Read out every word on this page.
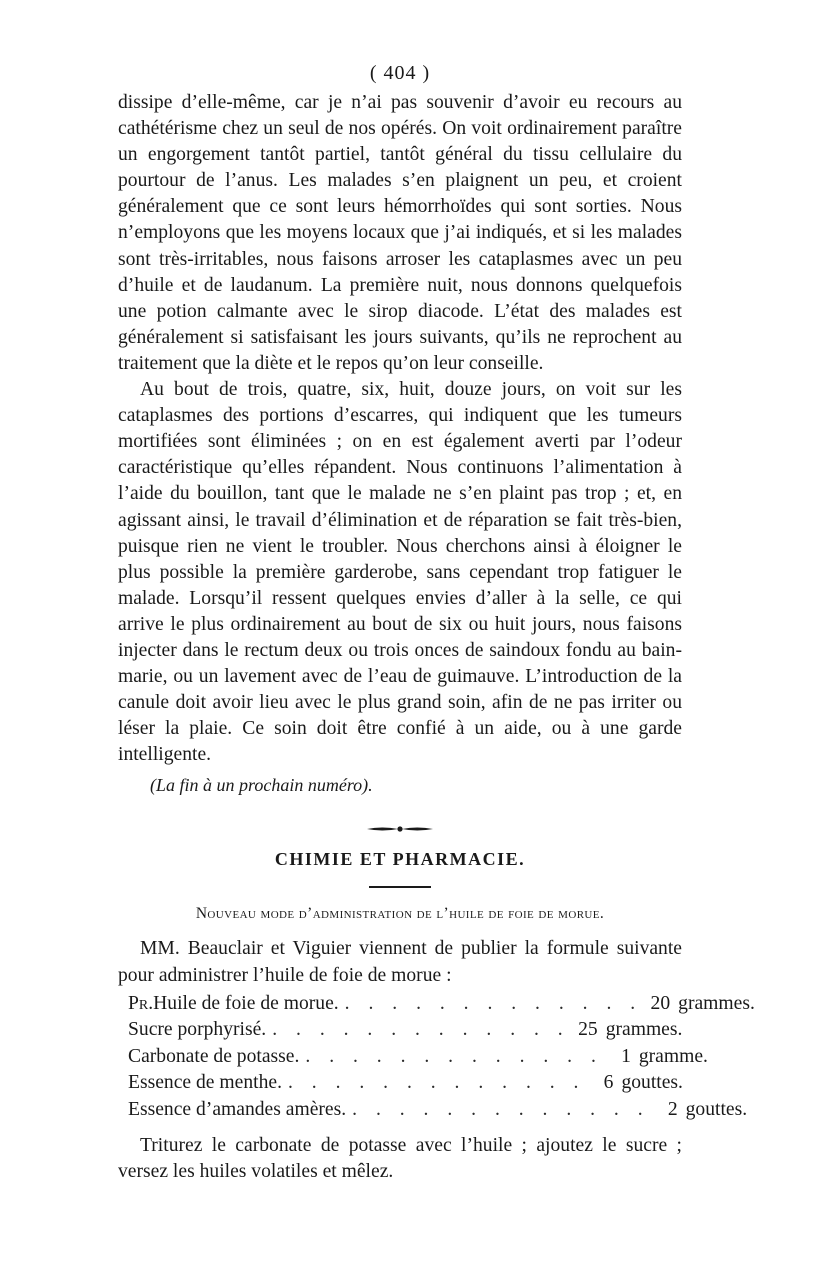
( 404 )

dissipe d’elle-même, car je n’ai pas souvenir d’avoir eu recours au cathétérisme chez un seul de nos opérés. On voit ordinairement paraître un engorgement tantôt partiel, tantôt général du tissu cellulaire du pourtour de l’anus. Les malades s’en plaignent un peu, et croient généralement que ce sont leurs hémorrhoïdes qui sont sorties. Nous n’employons que les moyens locaux que j’ai indiqués, et si les malades sont très-irritables, nous faisons arroser les cataplasmes avec un peu d’huile et de laudanum. La première nuit, nous donnons quelquefois une potion calmante avec le sirop diacode. L’état des malades est généralement si satisfaisant les jours suivants, qu’ils ne reprochent au traitement que la diète et le repos qu’on leur conseille.

Au bout de trois, quatre, six, huit, douze jours, on voit sur les cataplasmes des portions d’escarres, qui indiquent que les tumeurs mortifiées sont éliminées ; on en est également averti par l’odeur caractéristique qu’elles répandent. Nous continuons l’alimentation à l’aide du bouillon, tant que le malade ne s’en plaint pas trop ; et, en agissant ainsi, le travail d’élimination et de réparation se fait très-bien, puisque rien ne vient le troubler. Nous cherchons ainsi à éloigner le plus possible la première garderobe, sans cependant trop fatiguer le malade. Lorsqu’il ressent quelques envies d’aller à la selle, ce qui arrive le plus ordinairement au bout de six ou huit jours, nous faisons injecter dans le rectum deux ou trois onces de saindoux fondu au bain-marie, ou un lavement avec de l’eau de guimauve. L’introduction de la canule doit avoir lieu avec le plus grand soin, afin de ne pas irriter ou léser la plaie. Ce soin doit être confié à un aide, ou à une garde intelligente.

(La fin à un prochain numéro).
CHIMIE ET PHARMACIE.
Nouveau mode d’administration de l’huile de foie de morue.

MM. Beauclair et Viguier viennent de publier la formule suivante pour administrer l’huile de foie de morue :

Pr. Huile de foie de morue. . . . . . . . . . . . . . 20 grammes.
Sucre porphyrisé. . . . . . . . . . . . . . 25 grammes.
Carbonate de potasse. . . . . . . . . . . . . . 1 gramme.
Essence de menthe. . . . . . . . . . . . . . 6 gouttes.
Essence d’amandes amères. . . . . . . . . . . . . . 2 gouttes.

Triturez le carbonate de potasse avec l’huile ; ajoutez le sucre ; versez les huiles volatiles et mêlez.
